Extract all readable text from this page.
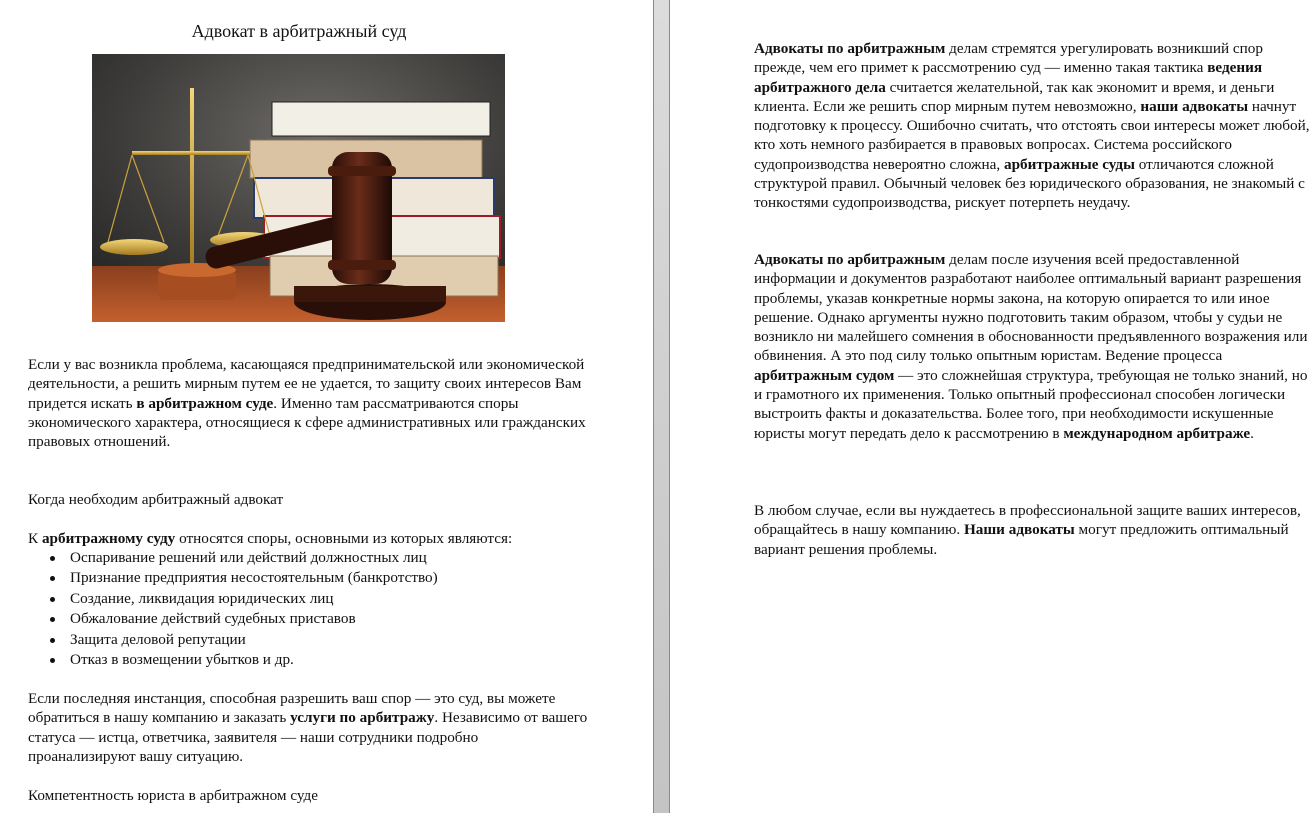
Адвокат в арбитражный суд

Если у вас возникла проблема, касающаяся предпринимательской или экономической деятельности, а решить мирным путем ее не удается, то защиту своих интересов Вам придется искать в арбитражном суде. Именно там рассматриваются споры экономического характера, относящиеся к сфере административных или гражданских правовых отношений.

Когда необходим арбитражный адвокат

К арбитражному суду относятся споры, основными из которых являются:

Оспаривание решений или действий должностных лиц
Признание предприятия несостоятельным (банкротство)
Создание, ликвидация юридических лиц
Обжалование действий судебных приставов
Защита деловой репутации
Отказ в возмещении убытков и др.

Если последняя инстанция, способная разрешить ваш спор — это суд, вы можете обратиться в нашу компанию и заказать услуги по арбитражу. Независимо от вашего статуса — истца, ответчика, заявителя — наши сотрудники подробно проанализируют вашу ситуацию.

Компетентность юриста в арбитражном суде

Адвокаты по арбитражным делам стремятся урегулировать возникший спор прежде, чем его примет к рассмотрению суд — именно такая тактика ведения арбитражного дела считается желательной, так как экономит и время, и деньги клиента. Если же решить спор мирным путем невозможно, наши адвокаты начнут подготовку к процессу. Ошибочно считать, что отстоять свои интересы может любой, кто хоть немного разбирается в правовых вопросах. Система российского судопроизводства невероятно сложна, арбитражные суды отличаются сложной структурой правил. Обычный человек без юридического образования, не знакомый с тонкостями судопроизводства, рискует потерпеть неудачу.

Адвокаты по арбитражным делам после изучения всей предоставленной информации и документов разработают наиболее оптимальный вариант разрешения проблемы, указав конкретные нормы закона, на которую опирается то или иное решение. Однако аргументы нужно подготовить таким образом, чтобы у судьи не возникло ни малейшего сомнения в обоснованности предъявленного возражения или обвинения. А это под силу только опытным юристам. Ведение процесса арбитражным судом — это сложнейшая структура, требующая не только знаний, но и грамотного их применения. Только опытный профессионал способен логически выстроить факты и доказательства. Более того, при необходимости искушенные юристы могут передать дело к рассмотрению в международном арбитраже.

В любом случае, если вы нуждаетесь в профессиональной защите ваших интересов, обращайтесь в нашу компанию. Наши адвокаты могут предложить оптимальный вариант решения проблемы.
